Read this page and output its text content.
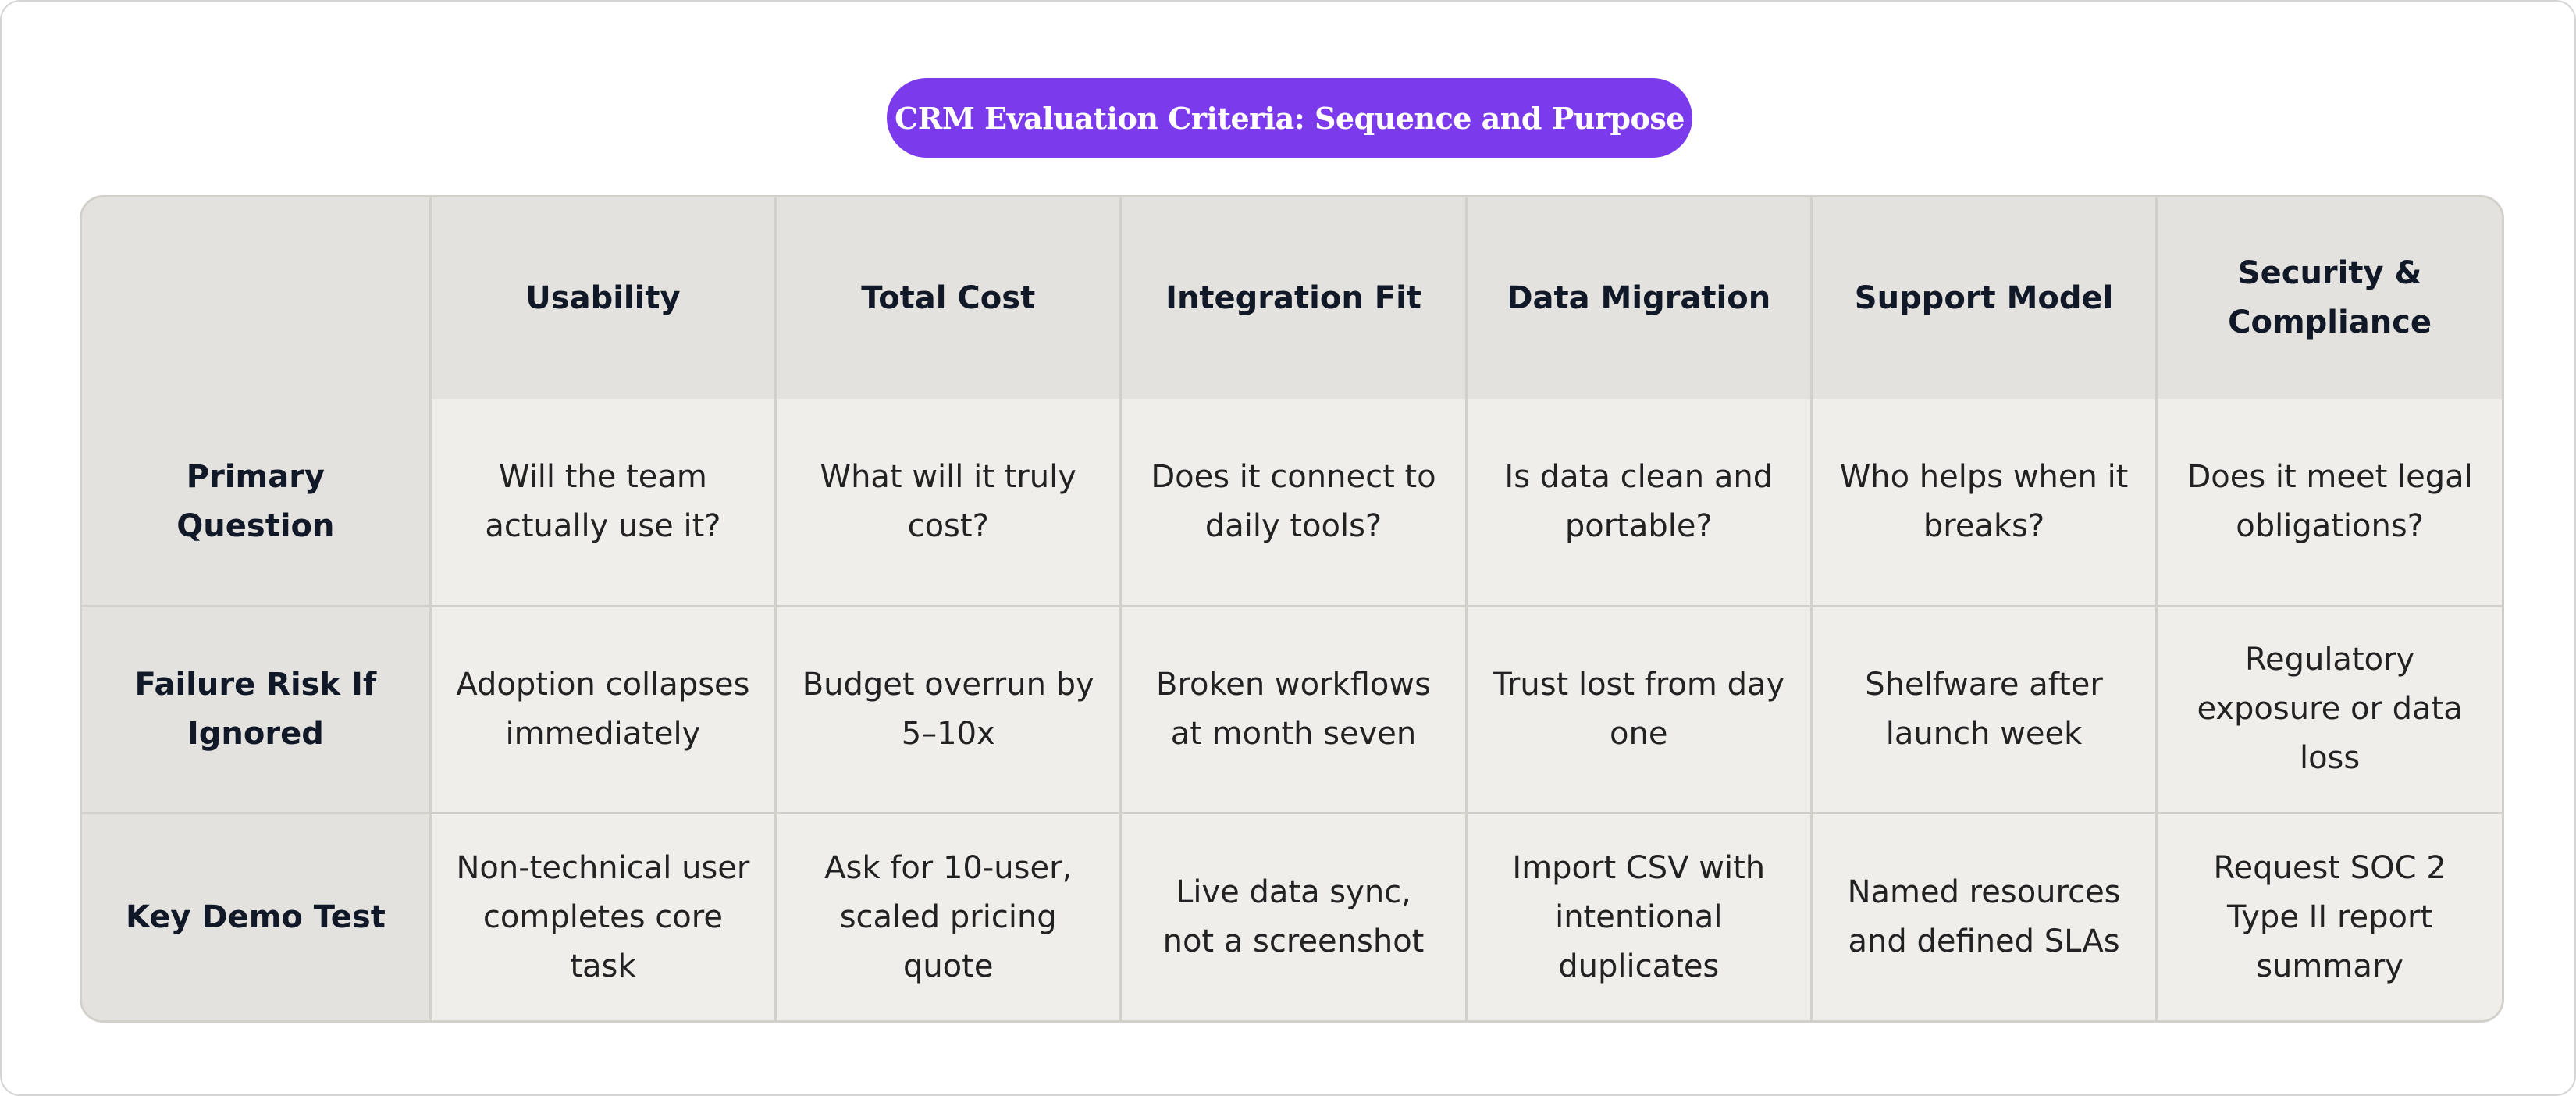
CRM Evaluation Criteria: Sequence and Purpose
	Usability	Total Cost	Integration Fit	Data Migration	Support Model	Security & Compliance
Primary Question	Will the team actually use it?	What will it truly cost?	Does it connect to daily tools?	Is data clean and portable?	Who helps when it breaks?	Does it meet legal obligations?
Failure Risk If Ignored	Adoption collapses immediately	Budget overrun by 5–10x	Broken workflows at month seven	Trust lost from day one	Shelfware after launch week	Regulatory exposure or data loss
Key Demo Test	Non-technical user completes core task	Ask for 10-user, scaled pricing quote	Live data sync, not a screenshot	Import CSV with intentional duplicates	Named resources and defined SLAs	Request SOC 2 Type II report summary
